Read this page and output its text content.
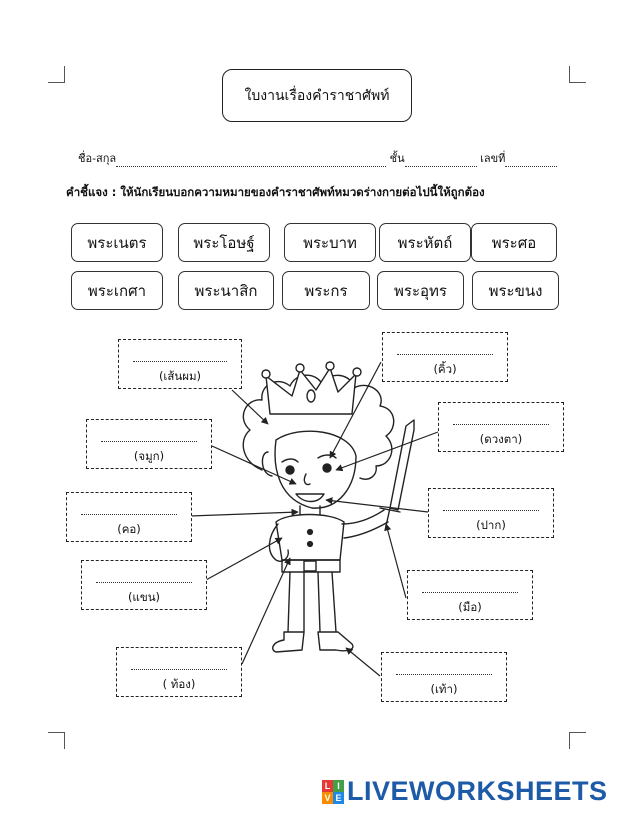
ใบงานเรื่องคำราชาศัพท์
ชื่อ-สกุล	ชั้น	เลขที่
คำชี้แจง : ให้นักเรียนบอกความหมายของคำราชาศัพท์หมวดร่างกายต่อไปนี้ให้ถูกต้อง
พระเนตร	พระโอษฐ์	พระบาท	พระหัตถ์	พระศอ
พระเกศา	พระนาสิก	พระกร	พระอุทร	พระขนง
(เส้นผม)	(คิ้ว)
(จมูก)
(ดวงตา)
(คอ)	(ปาก)
(แขน)
(มือ)
( ท้อง)	(เท้า)
L I
V E LIVEWORKSHEETS
